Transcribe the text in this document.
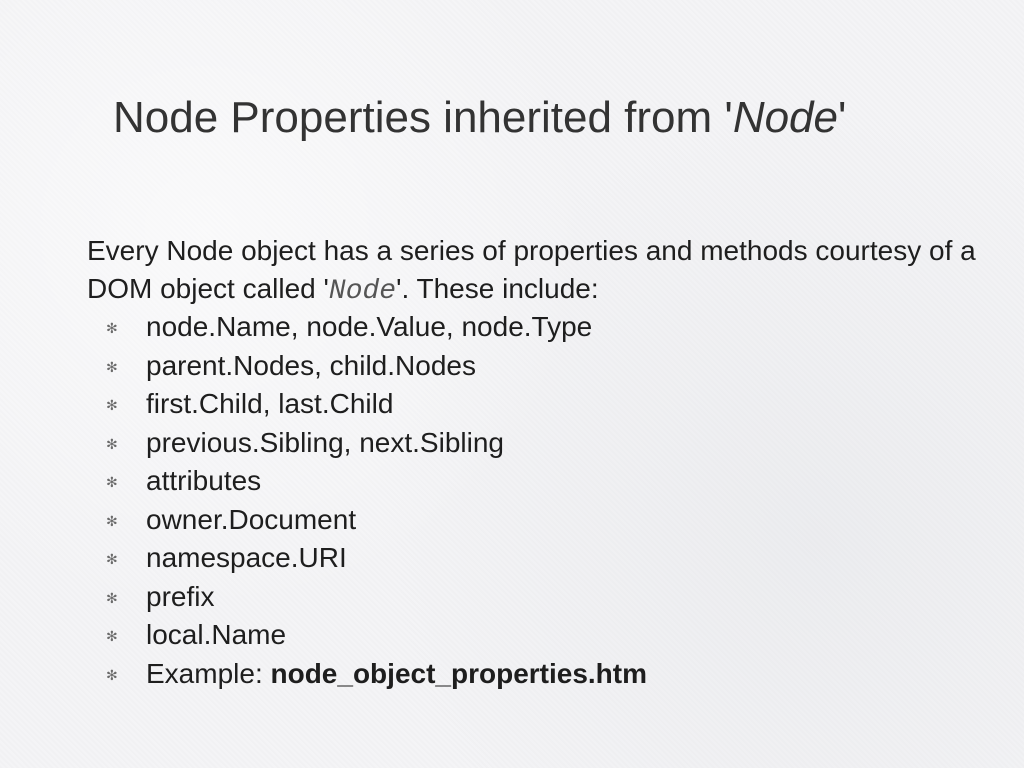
Node Properties inherited from 'Node'

Every Node object has a series of properties and methods courtesy of a DOM object called 'Node'. These include:

✻ node.Name, node.Value, node.Type
✻ parent.Nodes, child.Nodes
✻ first.Child, last.Child
✻ previous.Sibling, next.Sibling
✻ attributes
✻ owner.Document
✻ namespace.URI
✻ prefix
✻ local.Name
✻ Example: node_object_properties.htm
